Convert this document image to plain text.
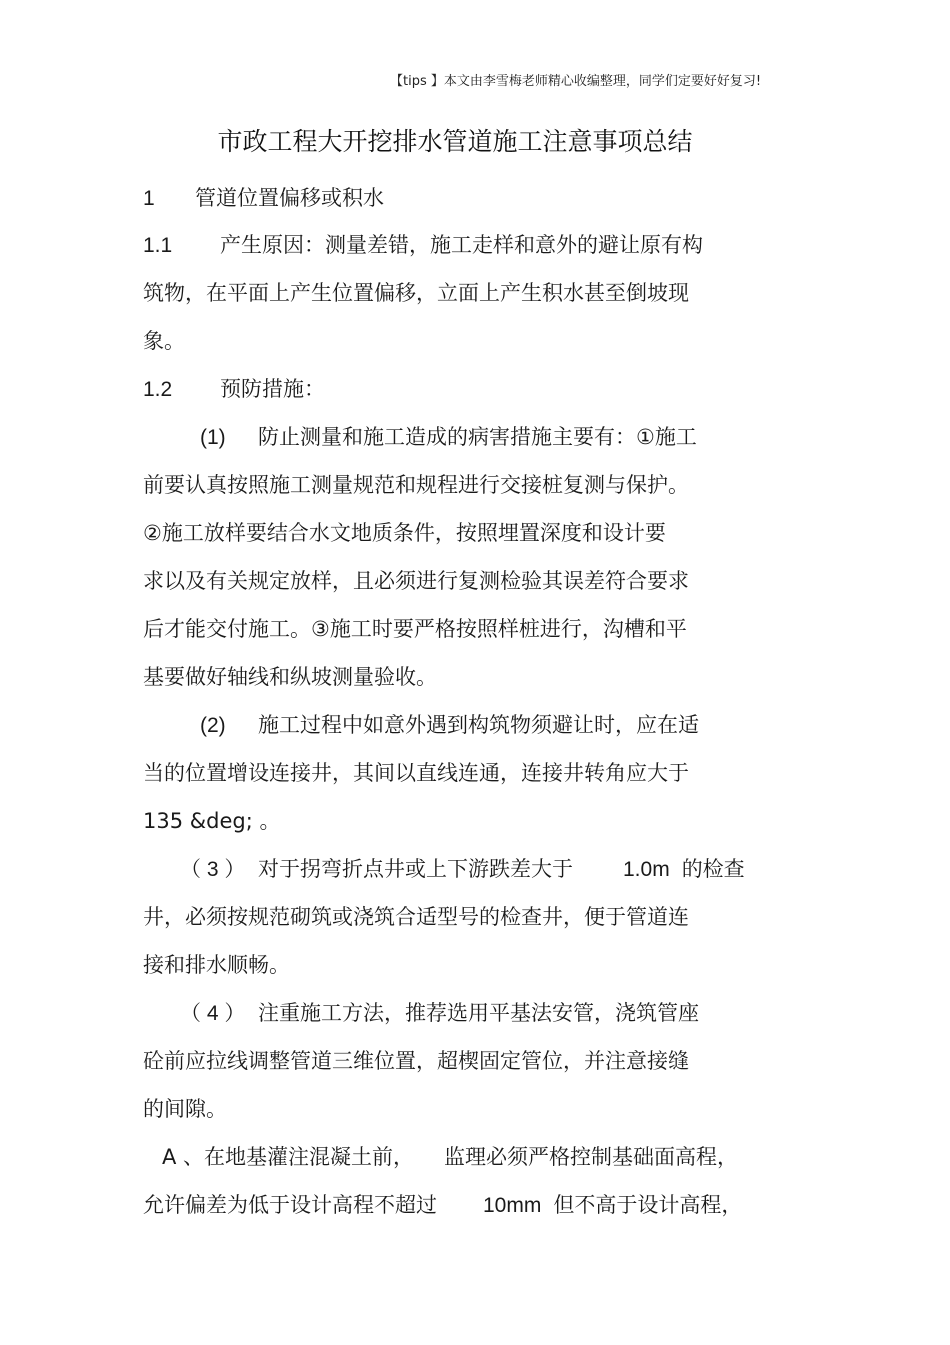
【tips 】本文由李雪梅老师精心收编整理，同学们定要好好复习!
市政工程大开挖排水管道施工注意事项总结
1 管道位置偏移或积水
1.1 产生原因：测量差错，施工走样和意外的避让原有构
筑物，在平面上产生位置偏移，立面上产生积水甚至倒坡现
象。
1.2 预防措施：
(1) 防止测量和施工造成的病害措施主要有：①施工
前要认真按照施工测量规范和规程进行交接桩复测与保护。
②施工放样要结合水文地质条件，按照埋置深度和设计要
求以及有关规定放样，且必须进行复测检验其误差符合要求
后才能交付施工。③施工时要严格按照样桩进行，沟槽和平
基要做好轴线和纵坡测量验收。
(2) 施工过程中如意外遇到构筑物须避让时，应在适
当的位置增设连接井，其间以直线连通，连接井转角应大于
135 &deg; 。
（ 3 ） 对于拐弯折点井或上下游跌差大于 1.0m 的检查
井，必须按规范砌筑或浇筑合适型号的检查井，便于管道连
接和排水顺畅。
（ 4 ） 注重施工方法，推荐选用平基法安管，浇筑管座
砼前应拉线调整管道三维位置，超楔固定管位，并注意接缝
的间隙。
A 、在地基灌注混凝土前， 监理必须严格控制基础面高程，
允许偏差为低于设计高程不超过 10mm 但不高于设计高程，
